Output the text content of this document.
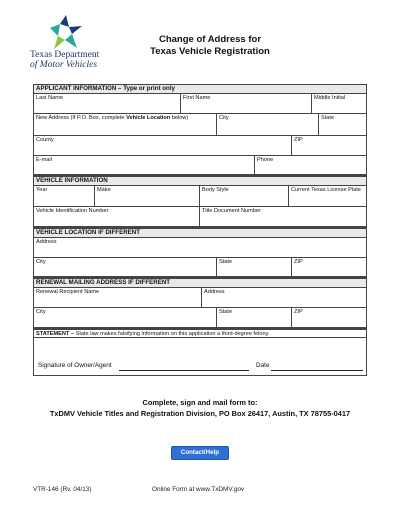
Texas Department
of Motor Vehicles
Change of Address for
Texas Vehicle Registration
APPLICANT INFORMATION – Type or print only
Last Name	First Name	Middle Initial
New Address (If P.O. Box, complete Vehicle Location below)	City	State
County	ZIP
E-mail	Phone
VEHICLE INFORMATION
Year	Make	Body Style	Current Texas License Plate
Vehicle Identification Number	Title Document Number
VEHICLE LOCATION IF DIFFERENT
Address
City	State	ZIP
RENEWAL MAILING ADDRESS IF DIFFERENT
Renewal Recipient Name	Address
City	State	ZIP
STATEMENT – State law makes falsifying information on this application a third-degree felony.
Signature of Owner/Agent	Date
Complete, sign and mail form to:
TxDMV Vehicle Titles and Registration Division, PO Box 26417, Austin, TX 78755-0417
Contact/Help
VTR-146 (Rv. 04/13)	Online Form at www.TxDMV.gov
